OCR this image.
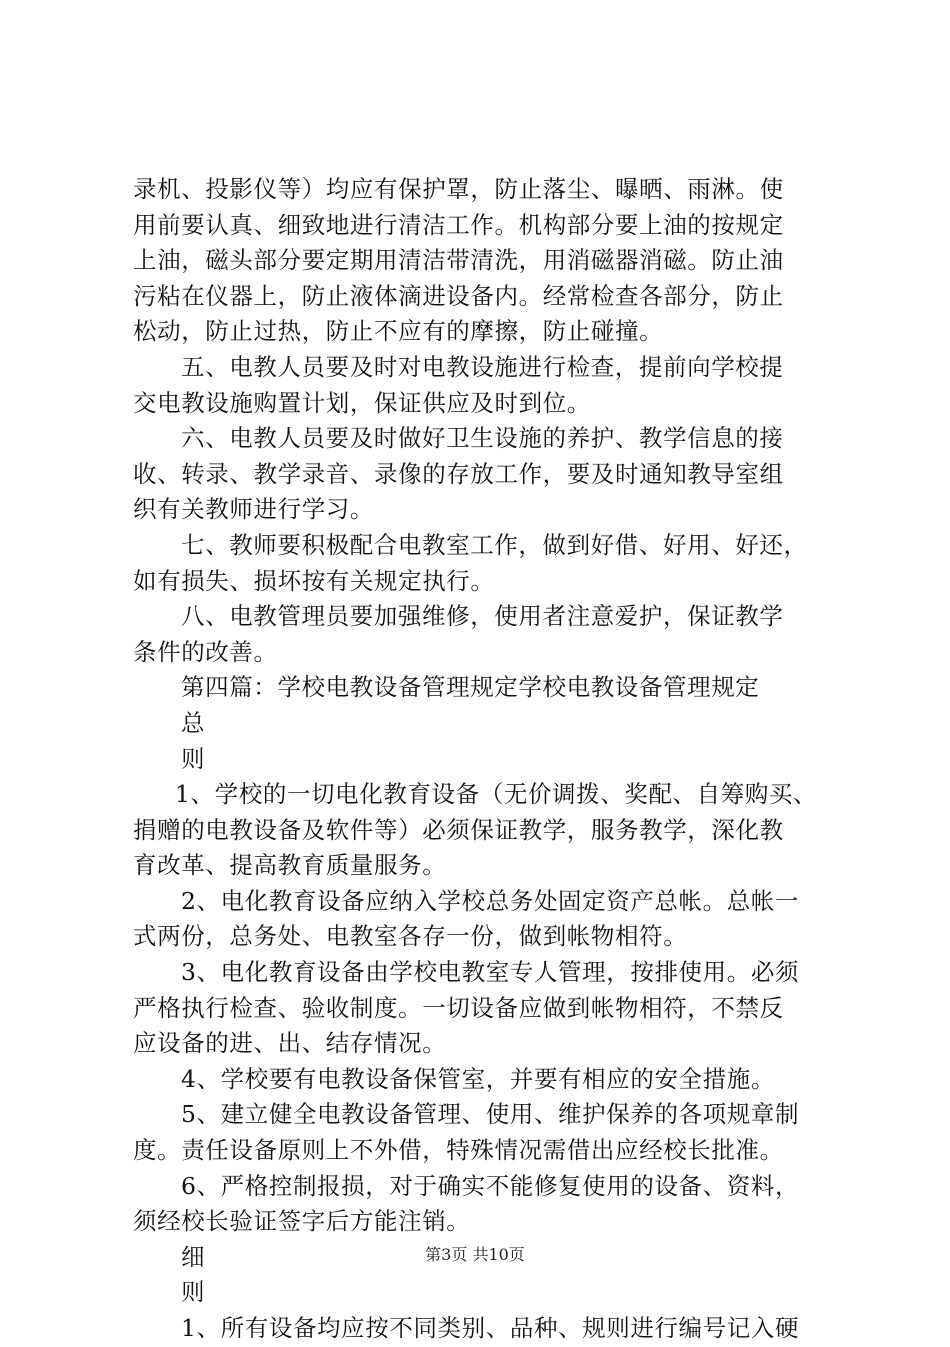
录机、投影仪等）均应有保护罩，防止落尘、曝晒、雨淋。使
用前要认真、细致地进行清洁工作。机构部分要上油的按规定
上油，磁头部分要定期用清洁带清洗，用消磁器消磁。防止油
污粘在仪器上，防止液体滴进设备内。经常检查各部分，防止
松动，防止过热，防止不应有的摩擦，防止碰撞。
五、电教人员要及时对电教设施进行检查，提前向学校提
交电教设施购置计划，保证供应及时到位。
六、电教人员要及时做好卫生设施的养护、教学信息的接
收、转录、教学录音、录像的存放工作，要及时通知教导室组
织有关教师进行学习。
七、教师要积极配合电教室工作，做到好借、好用、好还，
如有损失、损坏按有关规定执行。
八、电教管理员要加强维修，使用者注意爱护，保证教学
条件的改善。
第四篇：学校电教设备管理规定学校电教设备管理规定
总
则
1、学校的一切电化教育设备（无价调拨、奖配、自筹购买、
捐赠的电教设备及软件等）必须保证教学，服务教学，深化教
育改革、提高教育质量服务。
2、电化教育设备应纳入学校总务处固定资产总帐。总帐一
式两份，总务处、电教室各存一份，做到帐物相符。
3、电化教育设备由学校电教室专人管理，按排使用。必须
严格执行检查、验收制度。一切设备应做到帐物相符，不禁反
应设备的进、出、结存情况。
4、学校要有电教设备保管室，并要有相应的安全措施。
5、建立健全电教设备管理、使用、维护保养的各项规章制
度。责任设备原则上不外借，特殊情况需借出应经校长批准。
6、严格控制报损，对于确实不能修复使用的设备、资料，
须经校长验证签字后方能注销。
细
则
1、所有设备均应按不同类别、品种、规则进行编号记入硬
第3页 共10页
